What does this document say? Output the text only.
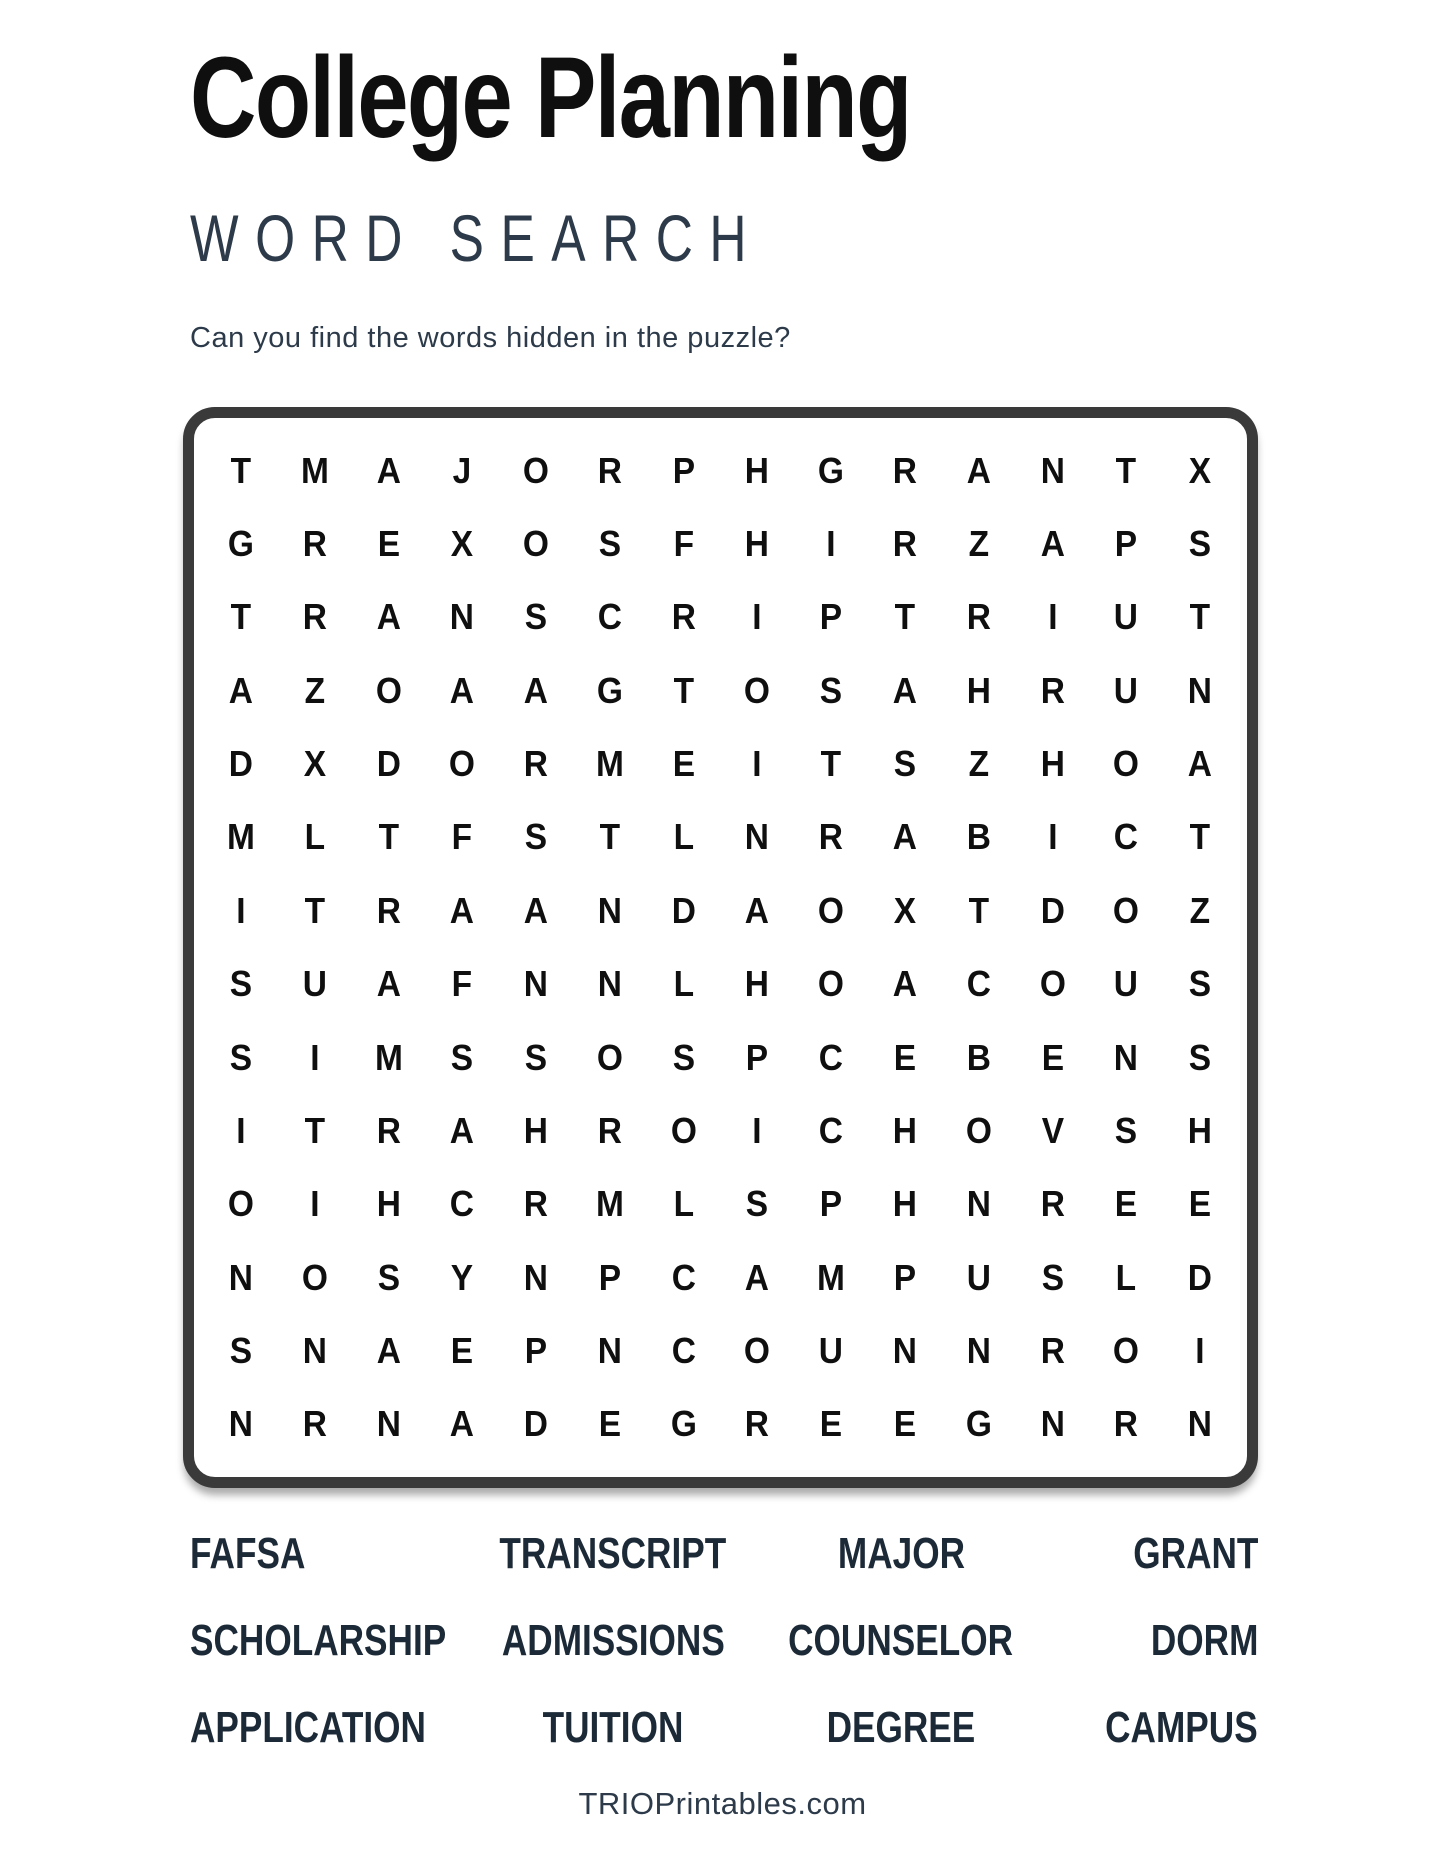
College Planning
WORD SEARCH
Can you find the words hidden in the puzzle?
T	M	A	J	O	R	P	H	G	R	A	N	T	X
G	R	E	X	O	S	F	H	I	R	Z	A	P	S
T	R	A	N	S	C	R	I	P	T	R	I	U	T
A	Z	O	A	A	G	T	O	S	A	H	R	U	N
D	X	D	O	R	M	E	I	T	S	Z	H	O	A
M	L	T	F	S	T	L	N	R	A	B	I	C	T
I	T	R	A	A	N	D	A	O	X	T	D	O	Z
S	U	A	F	N	N	L	H	O	A	C	O	U	S
S	I	M	S	S	O	S	P	C	E	B	E	N	S
I	T	R	A	H	R	O	I	C	H	O	V	S	H
O	I	H	C	R	M	L	S	P	H	N	R	E	E
N	O	S	Y	N	P	C	A	M	P	U	S	L	D
S	N	A	E	P	N	C	O	U	N	N	R	O	I
N	R	N	A	D	E	G	R	E	E	G	N	R	N
FAFSA	TRANSCRIPT	MAJOR	GRANT
SCHOLARSHIP ADMISSIONS COUNSELOR	DORM
APPLICATION	TUITION	DEGREE	CAMPUS
TRIOPrintables.com
